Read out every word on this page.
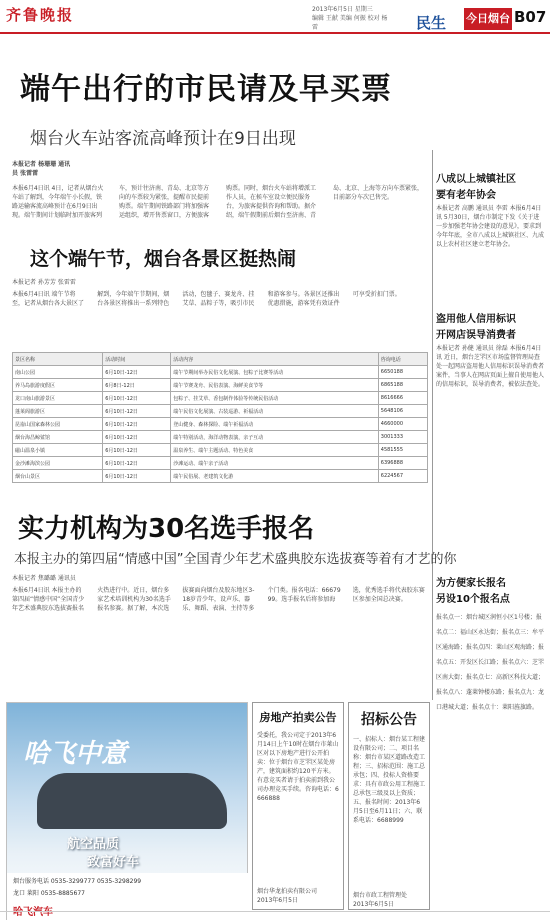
齐鲁晚报	2013年6月5日 星期三
编辑 王献 美编 何振 校对 杨雷	民生 今日烟台 B07
端午出行的市民请及早买票
烟台火车站客流高峰预计在9日出现
本报记者 杨珊珊 通讯员 张雷雷
本报6月4日讯 4日，记者从烟台火车站了解到，今年端午小长假，铁路运输客流高峰预计在6月9日出现。端午期间计划临时加开旅客列车，预计往济南、青岛、北京等方向的车票较为紧张，提醒市民提前购票。端午期间铁路部门将加强客运组织，增开售票窗口，方便旅客购票。同时，烟台火车站将增派工作人员，在候车室设立便民服务台，为旅客提供咨询和帮助。据介绍，端午假期前后烟台至济南、青岛、北京、上海等方向车票紧张，目前部分车次已售完。
八成以上城镇社区
要有老年协会
本报记者 高鹏 通讯员 李雷 本报6月4日讯 5月30日，烟台市制定下发《关于进一步加强老年协会建设的意见》，要求到今年年底，全市八成以上城镇社区、九成以上农村社区建立老年协会。
盗用他人信用标识
开网店误导消费者
本报记者 孙健 通讯员 徐磊 本报6月4日讯 近日，烟台芝罘区市场监督管理局查处一起网店盗用他人信用标识误导消费者案件，当事人在网店页面上擅自使用他人的信用标识，误导消费者，被依法查处。
为方便家长报名
另设10个报名点
报名点一：烟台城区润恒小区1号楼；报名点二：福山区永达街；报名点三：牟平区通海路；报名点四：莱山区观海路；报名点五：开发区长江路；报名点六：芝罘区南大街；报名点七：高新区科技大道；报名点八：蓬莱钟楼东路；报名点九：龙口港城大道；报名点十：莱阳旌旗路。
这个端午节，烟台各景区挺热闹
本报记者 孙芳芳 张雷雷
本报6月4日讯 端午节将至，记者从烟台各大景区了解到，今年端午节期间，烟台各景区将推出一系列特色活动，包毽子、赛龙舟、挂艾草、品粽子等，吸引市民和游客参与。各景区还推出优惠措施，游客凭有效证件可享受折扣门票。
景区名称	活动时间	活动内容	咨询电话
南山公园	6月10日-12日	端午节期间举办民俗文化展演、包粽子比赛等活动	6650188
养马岛旅游度假区	6月8日-12日	端午节赛龙舟、民俗表演、海鲜美食节等	6865188
龙口南山旅游景区	6月10日-12日	包粽子、挂艾草、香包制作体验等传统民俗活动	8616666
蓬莱阁旅游区	6月10日-12日	端午民俗文化展演、古装巡游、祈福活动	5648106
昆嵛山国家森林公园	6月10日-12日	登山健身、森林探险、端午祈福活动	4660000
烟台海昌鲸鲨馆	6月10日-12日	端午特别活动，海洋动物表演，亲子互动	3001333
磁山温泉小镇	6月10日-12日	温泉养生、端午主题活动、特色美食	4581555
金沙滩海滨公园	6月10日-12日	沙滩运动、端午亲子活动	6396888
烟台山景区	6月10日-12日	端午民俗展、老建筑文化游	6224567
实力机构为30名选手报名
本报主办的第四届“情感中国”全国青少年艺术盛典胶东选拔赛等着有才艺的你
本报记者 焦璐璐 通讯员
本报6月4日讯 本报主办的第四届“情感中国”全国青少年艺术盛典胶东选拔赛报名火热进行中。近日，烟台多家艺术培训机构为30名选手报名参赛。据了解，本次选拔赛面向烟台及胶东地区3-18岁青少年，设声乐、器乐、舞蹈、表演、主持等多个门类。报名电话：6667999。选手报名后将参加海选，优秀选手将代表胶东赛区参加全国总决赛。
哈飞中意
航空品质
致富好车
烟台服务电话 0535-3299777 0535-3298299
龙口 莱阳 0535-8885677
哈飞汽车
房地产拍卖公告
受委托，我公司定于2013年6月14日上午10时在烟台市莱山区对以下房地产进行公开拍卖：位于烟台市芝罘区某处房产，建筑面积约120平方米。有意竞买者请于拍卖前到我公司办理竞买手续。咨询电话：6666888
烟台华龙拍卖有限公司
2013年6月5日
招标公告
一、招标人：烟台某工程建设有限公司；二、项目名称：烟台市某区道路改造工程；三、招标范围：施工总承包；四、投标人资格要求：具有市政公用工程施工总承包三级及以上资质；五、报名时间：2013年6月5日至6月11日；六、联系电话：6688999
烟台市政工程管理处
2013年6月5日
